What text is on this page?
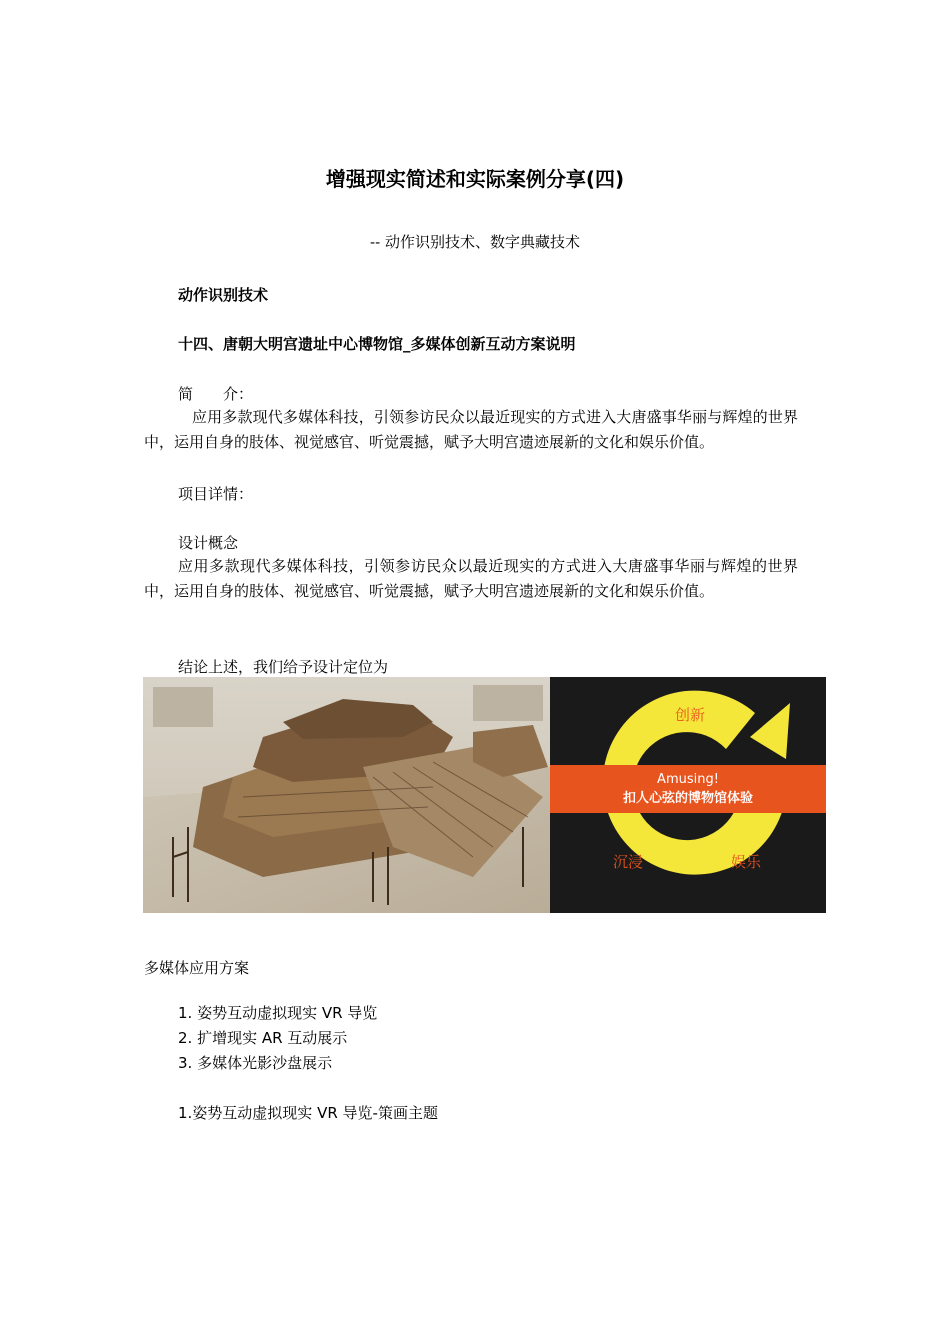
增强现实简述和实际案例分享(四)
-- 动作识别技术、数字典藏技术
动作识别技术
十四、唐朝大明宫遗址中心博物馆_多媒体创新互动方案说明
简　　介：
应用多款现代多媒体科技，引领参访民众以最近现实的方式进入大唐盛事华丽与辉煌的世界中，运用自身的肢体、视觉感官、听觉震撼，赋予大明宫遗迹展新的文化和娱乐价值。
项目详情：
设计概念
应用多款现代多媒体科技，引领参访民众以最近现实的方式进入大唐盛事华丽与辉煌的世界中，运用自身的肢体、视觉感官、听觉震撼，赋予大明宫遗迹展新的文化和娱乐价值。
结论上述，我们给予设计定位为
Amusing!
扣人心弦的博物馆体验
创新
沉浸	娱乐
多媒体应用方案
1. 姿势互动虚拟现实 VR 导览
2. 扩增现实 AR 互动展示
3. 多媒体光影沙盘展示
1.姿势互动虚拟现实 VR 导览-策画主题
